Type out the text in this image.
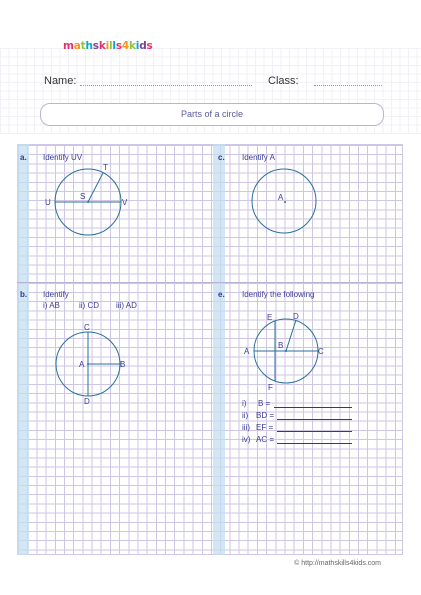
mathskills4kids
Name:	Class:
Parts of a circle
a. Identify UV
T
S
U	V
c. Identify A
A
b. Identify
i) AB ii) CD iii) AD
C
A	B
D
e. Identify the following
E	D
A
B
C
F
i) B =
ii) BD =
iii) EF =
iv) AC =
© http://mathskills4kids.com
